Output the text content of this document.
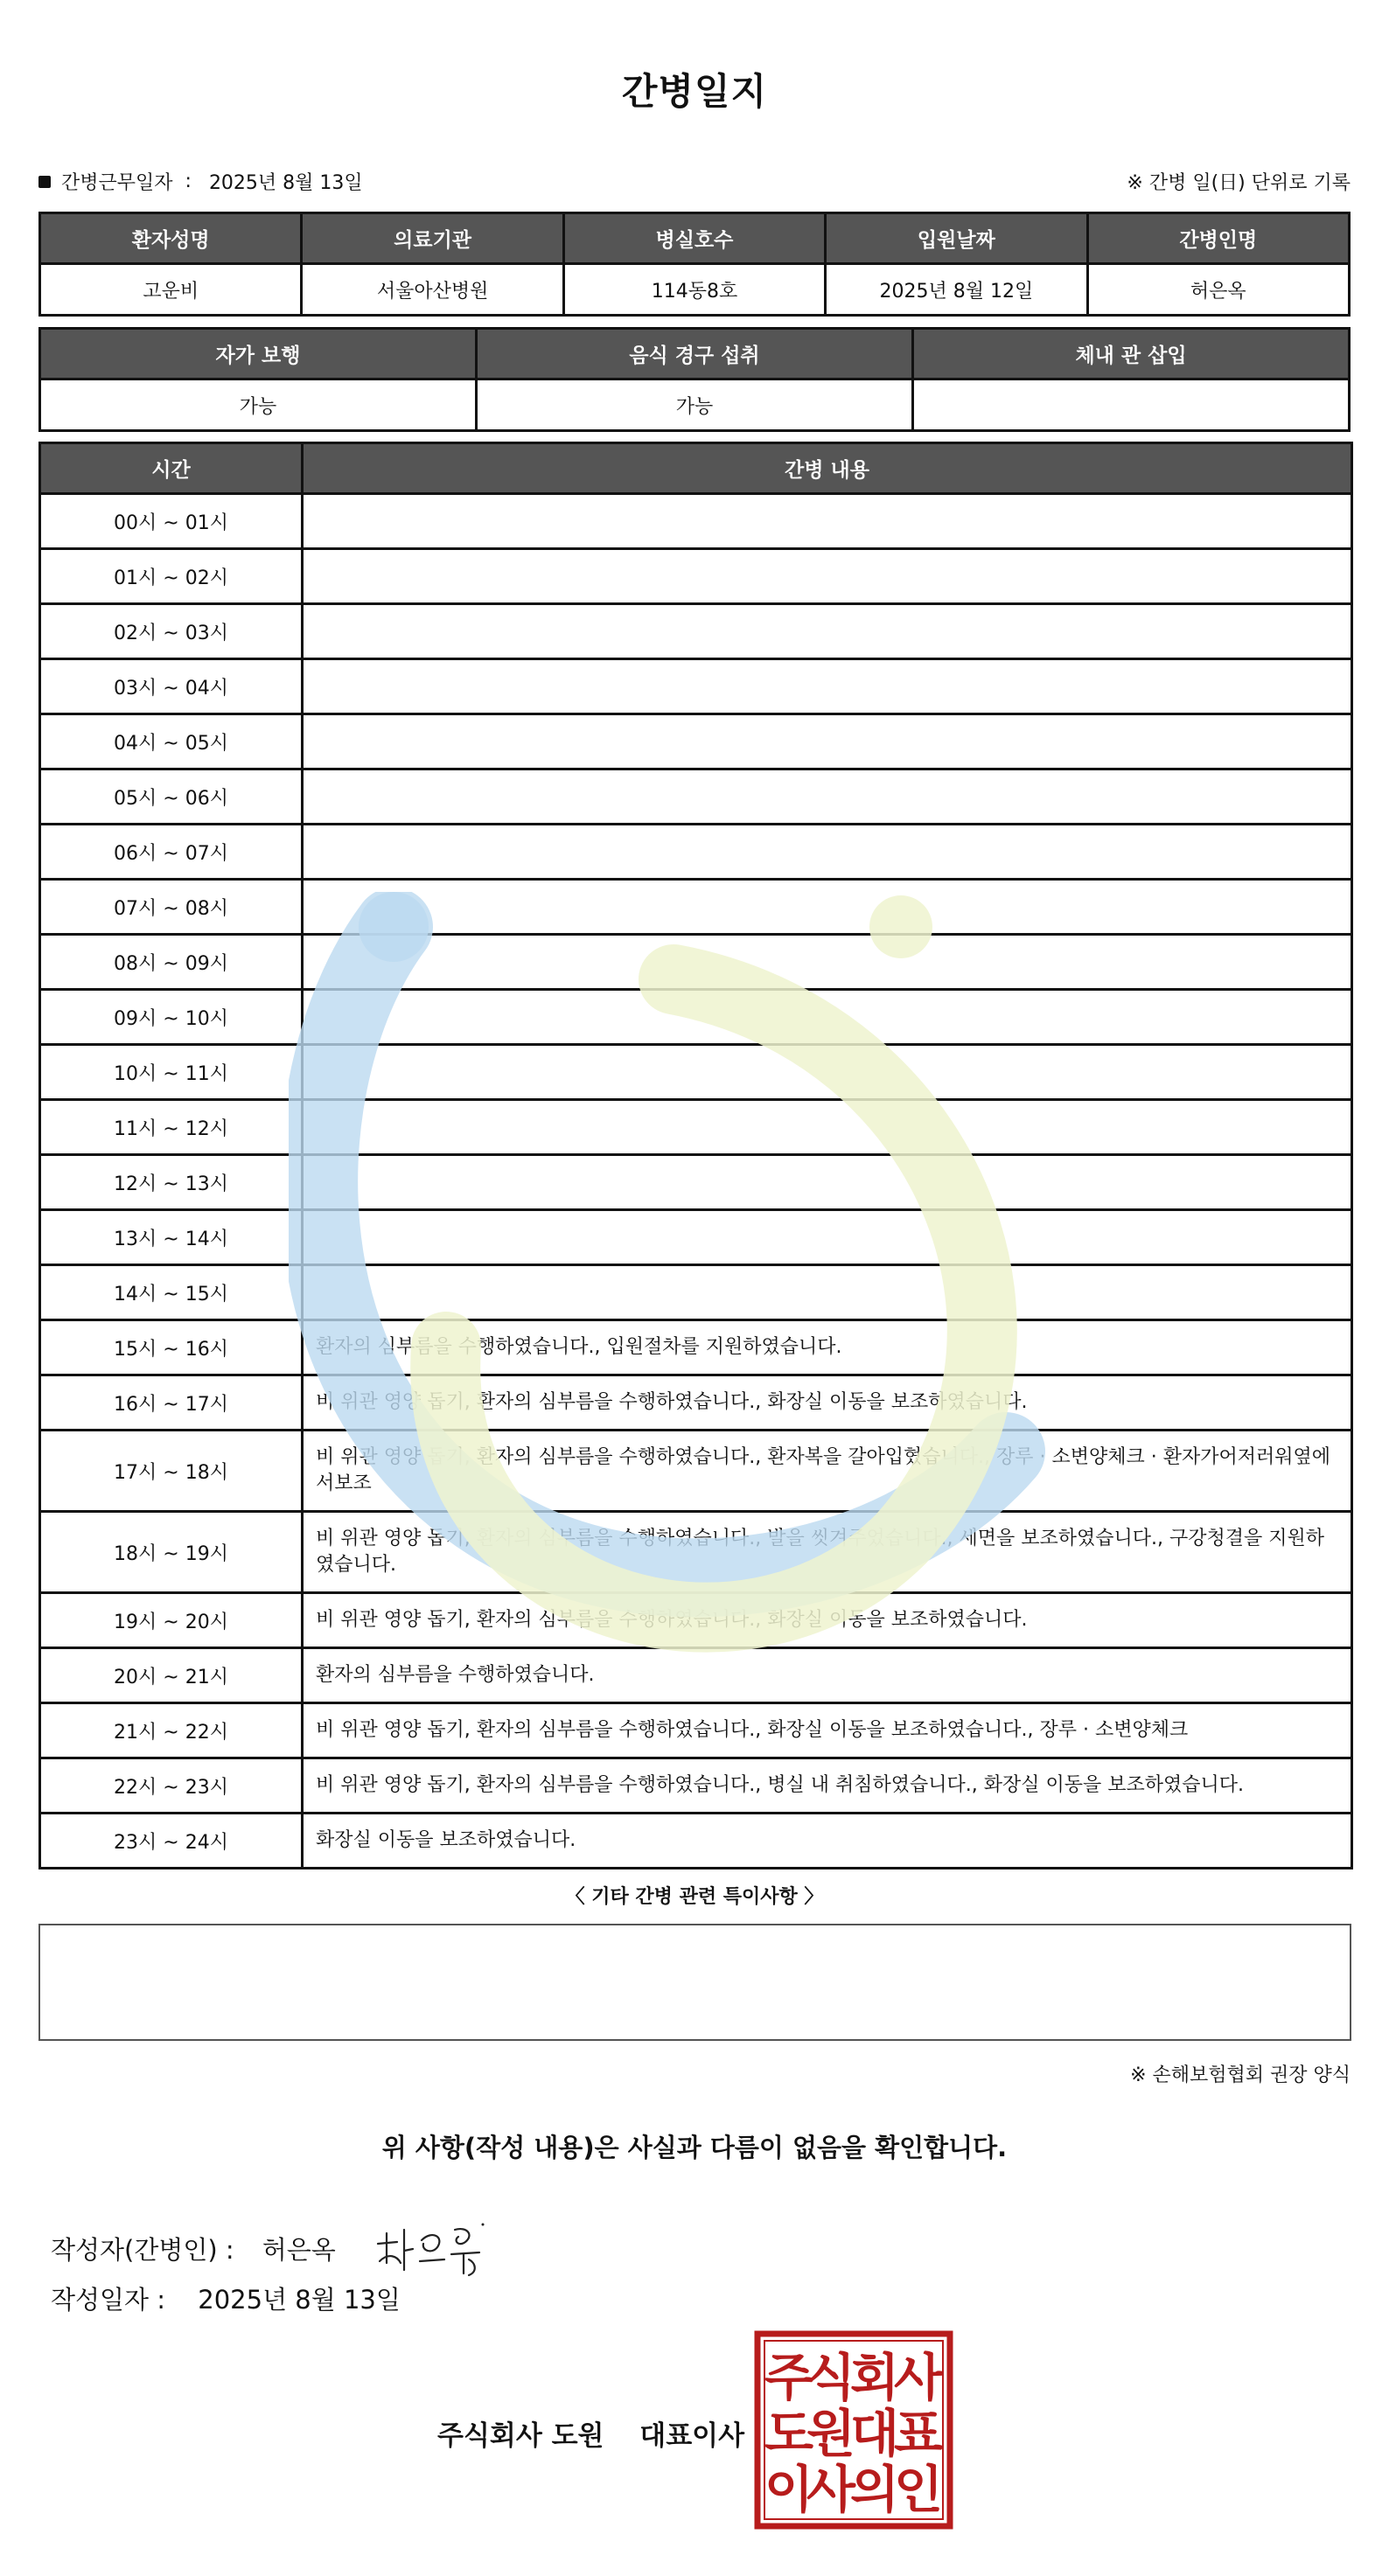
간병일지
간병근무일자 : 2025년 8월 13일	※ 간병 일(日) 단위로 기록
환자성명	의료기관	병실호수	입원날짜	간병인명
고운비	서울아산병원	114동8호	2025년 8월 12일	허은옥
자가 보행	음식 경구 섭취	체내 관 삽입
가능	가능	
시간	간병 내용
00시 ~ 01시	
01시 ~ 02시	
02시 ~ 03시	
03시 ~ 04시	
04시 ~ 05시	
05시 ~ 06시	
06시 ~ 07시	
07시 ~ 08시	
08시 ~ 09시	
09시 ~ 10시	
10시 ~ 11시	
11시 ~ 12시	
12시 ~ 13시	
13시 ~ 14시	
14시 ~ 15시	
15시 ~ 16시	환자의 심부름을 수행하였습니다., 입원절차를 지원하였습니다.
16시 ~ 17시	비 위관 영양 돕기, 환자의 심부름을 수행하였습니다., 화장실 이동을 보조하였습니다.
17시 ~ 18시	비 위관 영양 돕기, 환자의 심부름을 수행하였습니다., 환자복을 갈아입혔습니다., 장루 · 소변양체크 · 환자가어저러워옆에서보조
18시 ~ 19시	비 위관 영양 돕기, 환자의 심부름을 수행하였습니다., 발을 씻겨주었습니다., 세면을 보조하였습니다., 구강청결을 지원하였습니다.
19시 ~ 20시	비 위관 영양 돕기, 환자의 심부름을 수행하였습니다., 화장실 이동을 보조하였습니다.
20시 ~ 21시	환자의 심부름을 수행하였습니다.
21시 ~ 22시	비 위관 영양 돕기, 환자의 심부름을 수행하였습니다., 화장실 이동을 보조하였습니다., 장루 · 소변양체크
22시 ~ 23시	비 위관 영양 돕기, 환자의 심부름을 수행하였습니다., 병실 내 취침하였습니다., 화장실 이동을 보조하였습니다.
23시 ~ 24시	화장실 이동을 보조하였습니다.
〈 기타 간병 관련 특이사항 〉
※ 손해보험협회 권장 양식
위 사항(작성 내용)은 사실과 다름이 없음을 확인합니다.
작성자(간병인) : 허은옥
작성일자 : 2025년 8월 13일
주식회사 도원 대표이사
주
식
회
사
도
원
대
표
이
사
의
인
